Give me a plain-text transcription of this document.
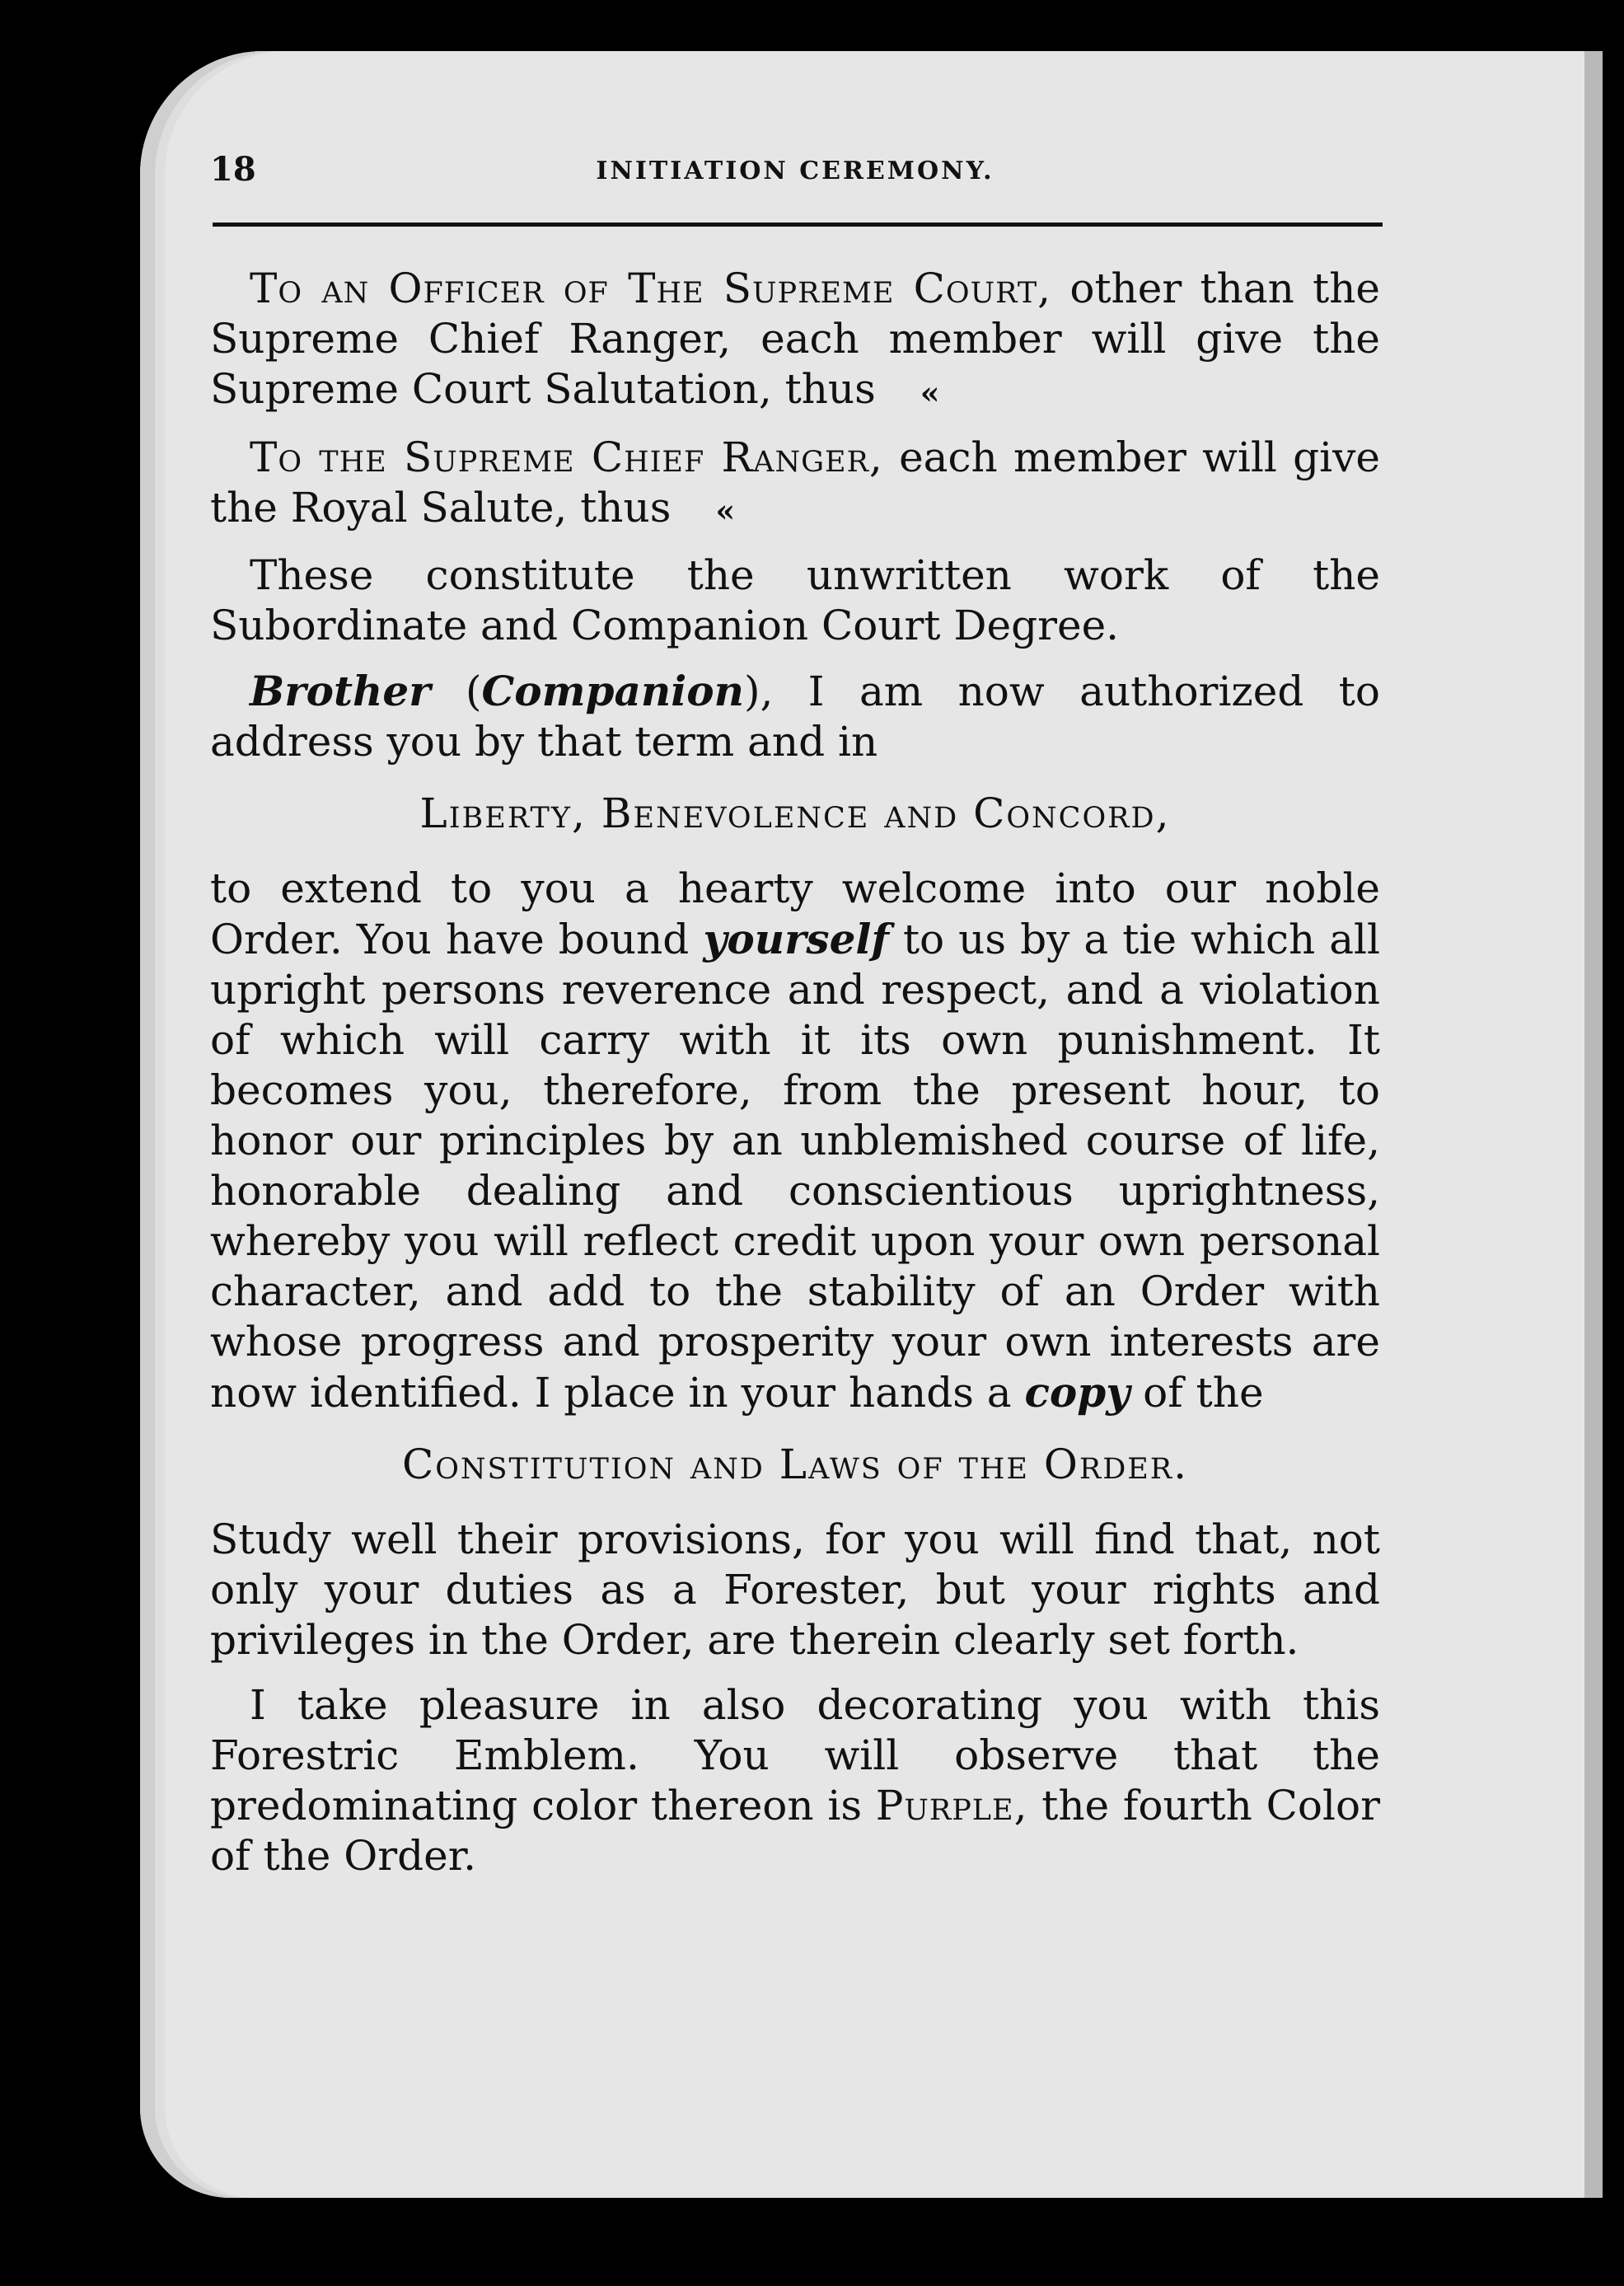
18	INITIATION CEREMONY.

To an Officer of The Supreme Court, other than the Supreme Chief Ranger, each member will give the Supreme Court Salutation, thus «

To the Supreme Chief Ranger, each member will give the Royal Salute, thus «

These constitute the unwritten work of the Subordinate and Companion Court Degree.

Brother (Companion), I am now authorized to address you by that term and in

Liberty, Benevolence and Concord,

to extend to you a hearty welcome into our noble Order. You have bound yourself to us by a tie which all upright persons reverence and respect, and a violation of which will carry with it its own punishment. It becomes you, therefore, from the present hour, to honor our principles by an unblemished course of life, honorable dealing and conscientious uprightness, whereby you will reflect credit upon your own personal character, and add to the stability of an Order with whose progress and prosperity your own interests are now identified. I place in your hands a copy of the

Constitution and Laws of the Order.

Study well their provisions, for you will find that, not only your duties as a Forester, but your rights and privileges in the Order, are therein clearly set forth.

I take pleasure in also decorating you with this Forestric Emblem. You will observe that the predominating color thereon is Purple, the fourth Color of the Order.
